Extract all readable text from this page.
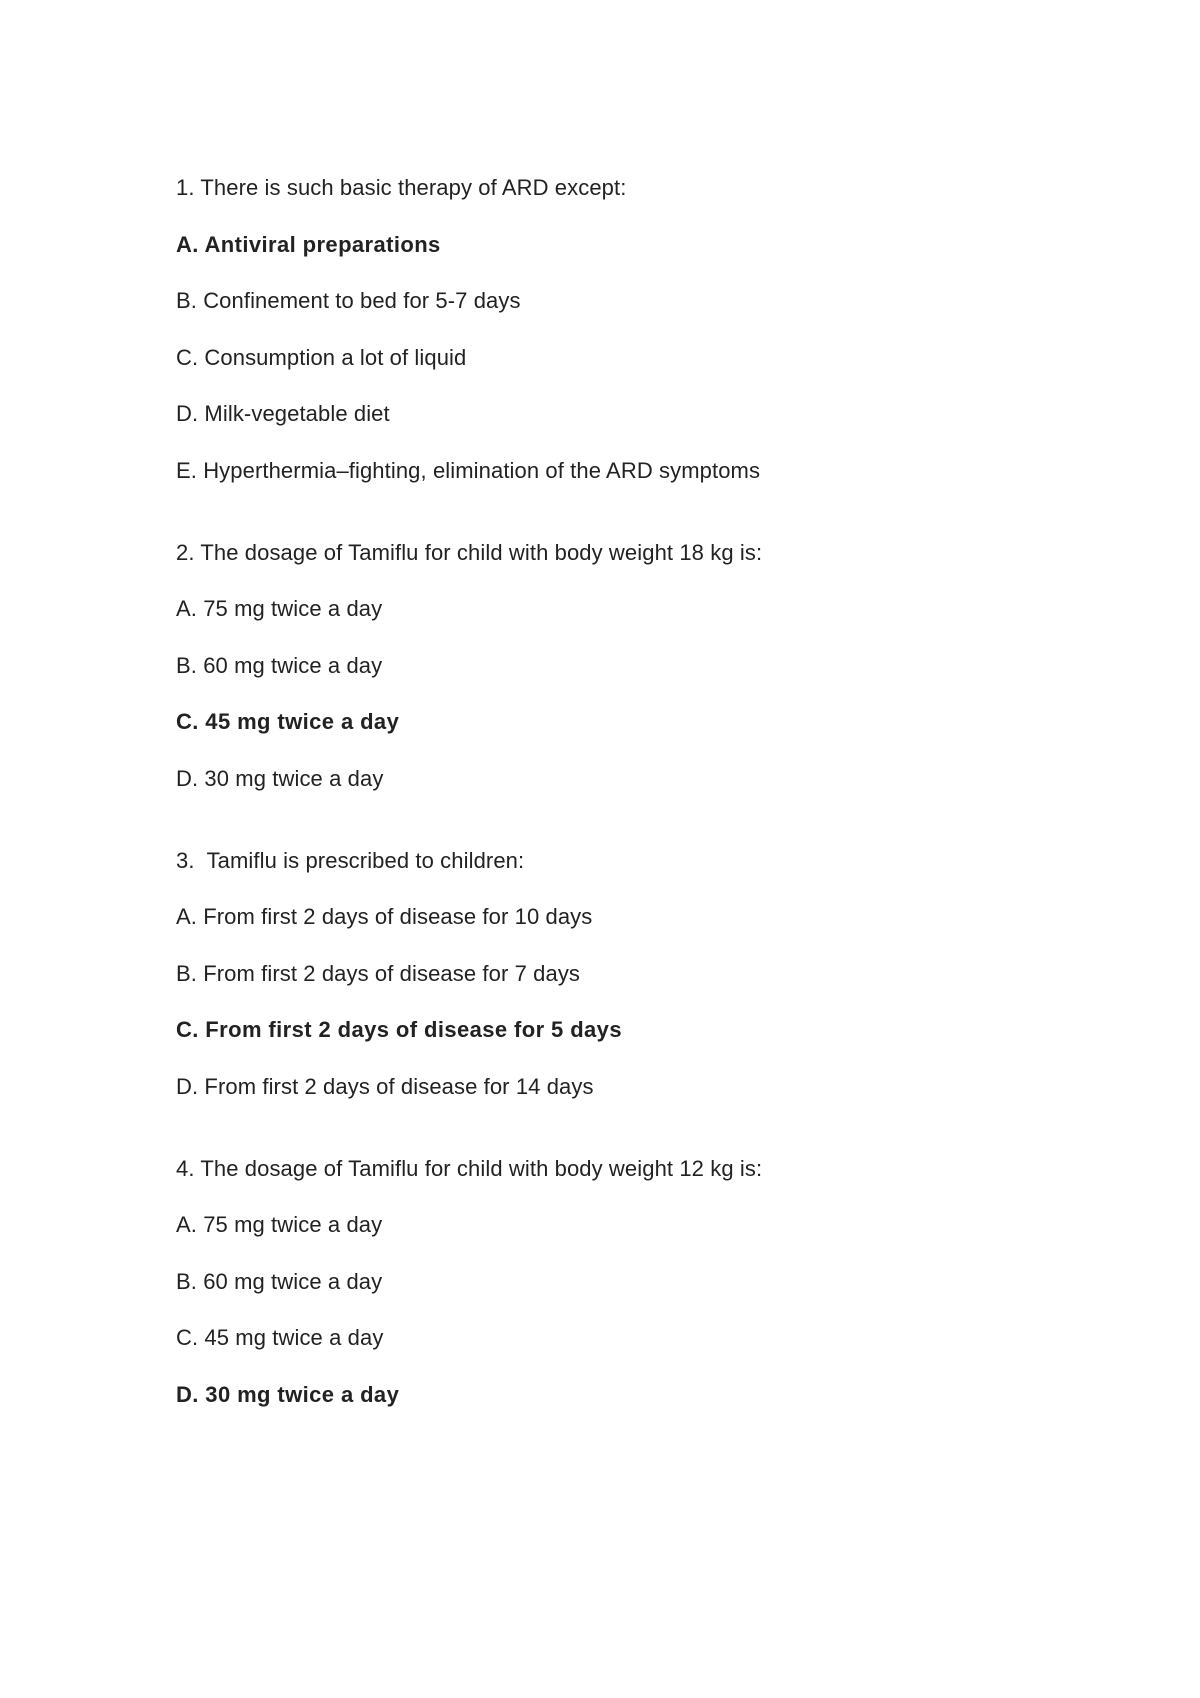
1. There is such basic therapy of ARD except:

A. Antiviral preparations

B. Confinement to bed for 5-7 days

C. Consumption a lot of liquid

D. Milk-vegetable diet

E. Hyperthermia–fighting, elimination of the ARD symptoms

2. The dosage of Tamiflu for child with body weight 18 kg is:

A. 75 mg twice a day

B. 60 mg twice a day

C. 45 mg twice a day

D. 30 mg twice a day

3.  Tamiflu is prescribed to children:

A. From first 2 days of disease for 10 days

B. From first 2 days of disease for 7 days

C. From first 2 days of disease for 5 days

D. From first 2 days of disease for 14 days

4. The dosage of Tamiflu for child with body weight 12 kg is:

A. 75 mg twice a day

B. 60 mg twice a day

C. 45 mg twice a day

D. 30 mg twice a day
